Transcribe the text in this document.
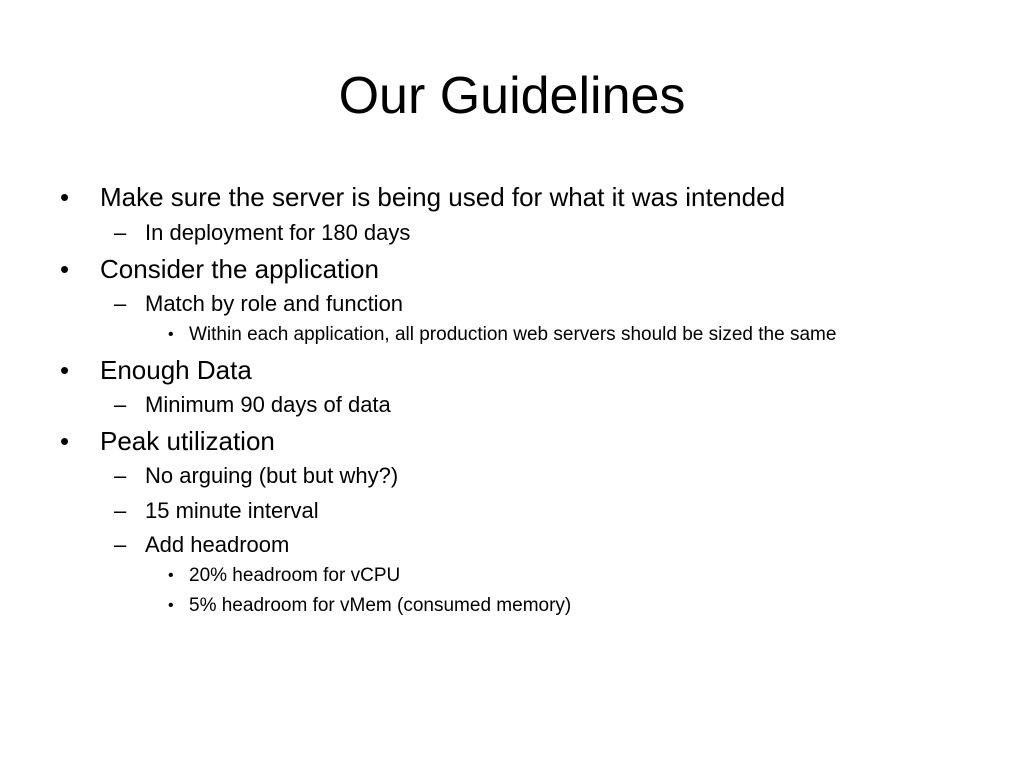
Our Guidelines
• Make sure the server is being used for what it was intended
– In deployment for 180 days
• Consider the application
– Match by role and function
• Within each application, all production web servers should be sized the same
• Enough Data
– Minimum 90 days of data
• Peak utilization
– No arguing (but but why?)
– 15 minute interval
– Add headroom
• 20% headroom for vCPU
• 5% headroom for vMem (consumed memory)
